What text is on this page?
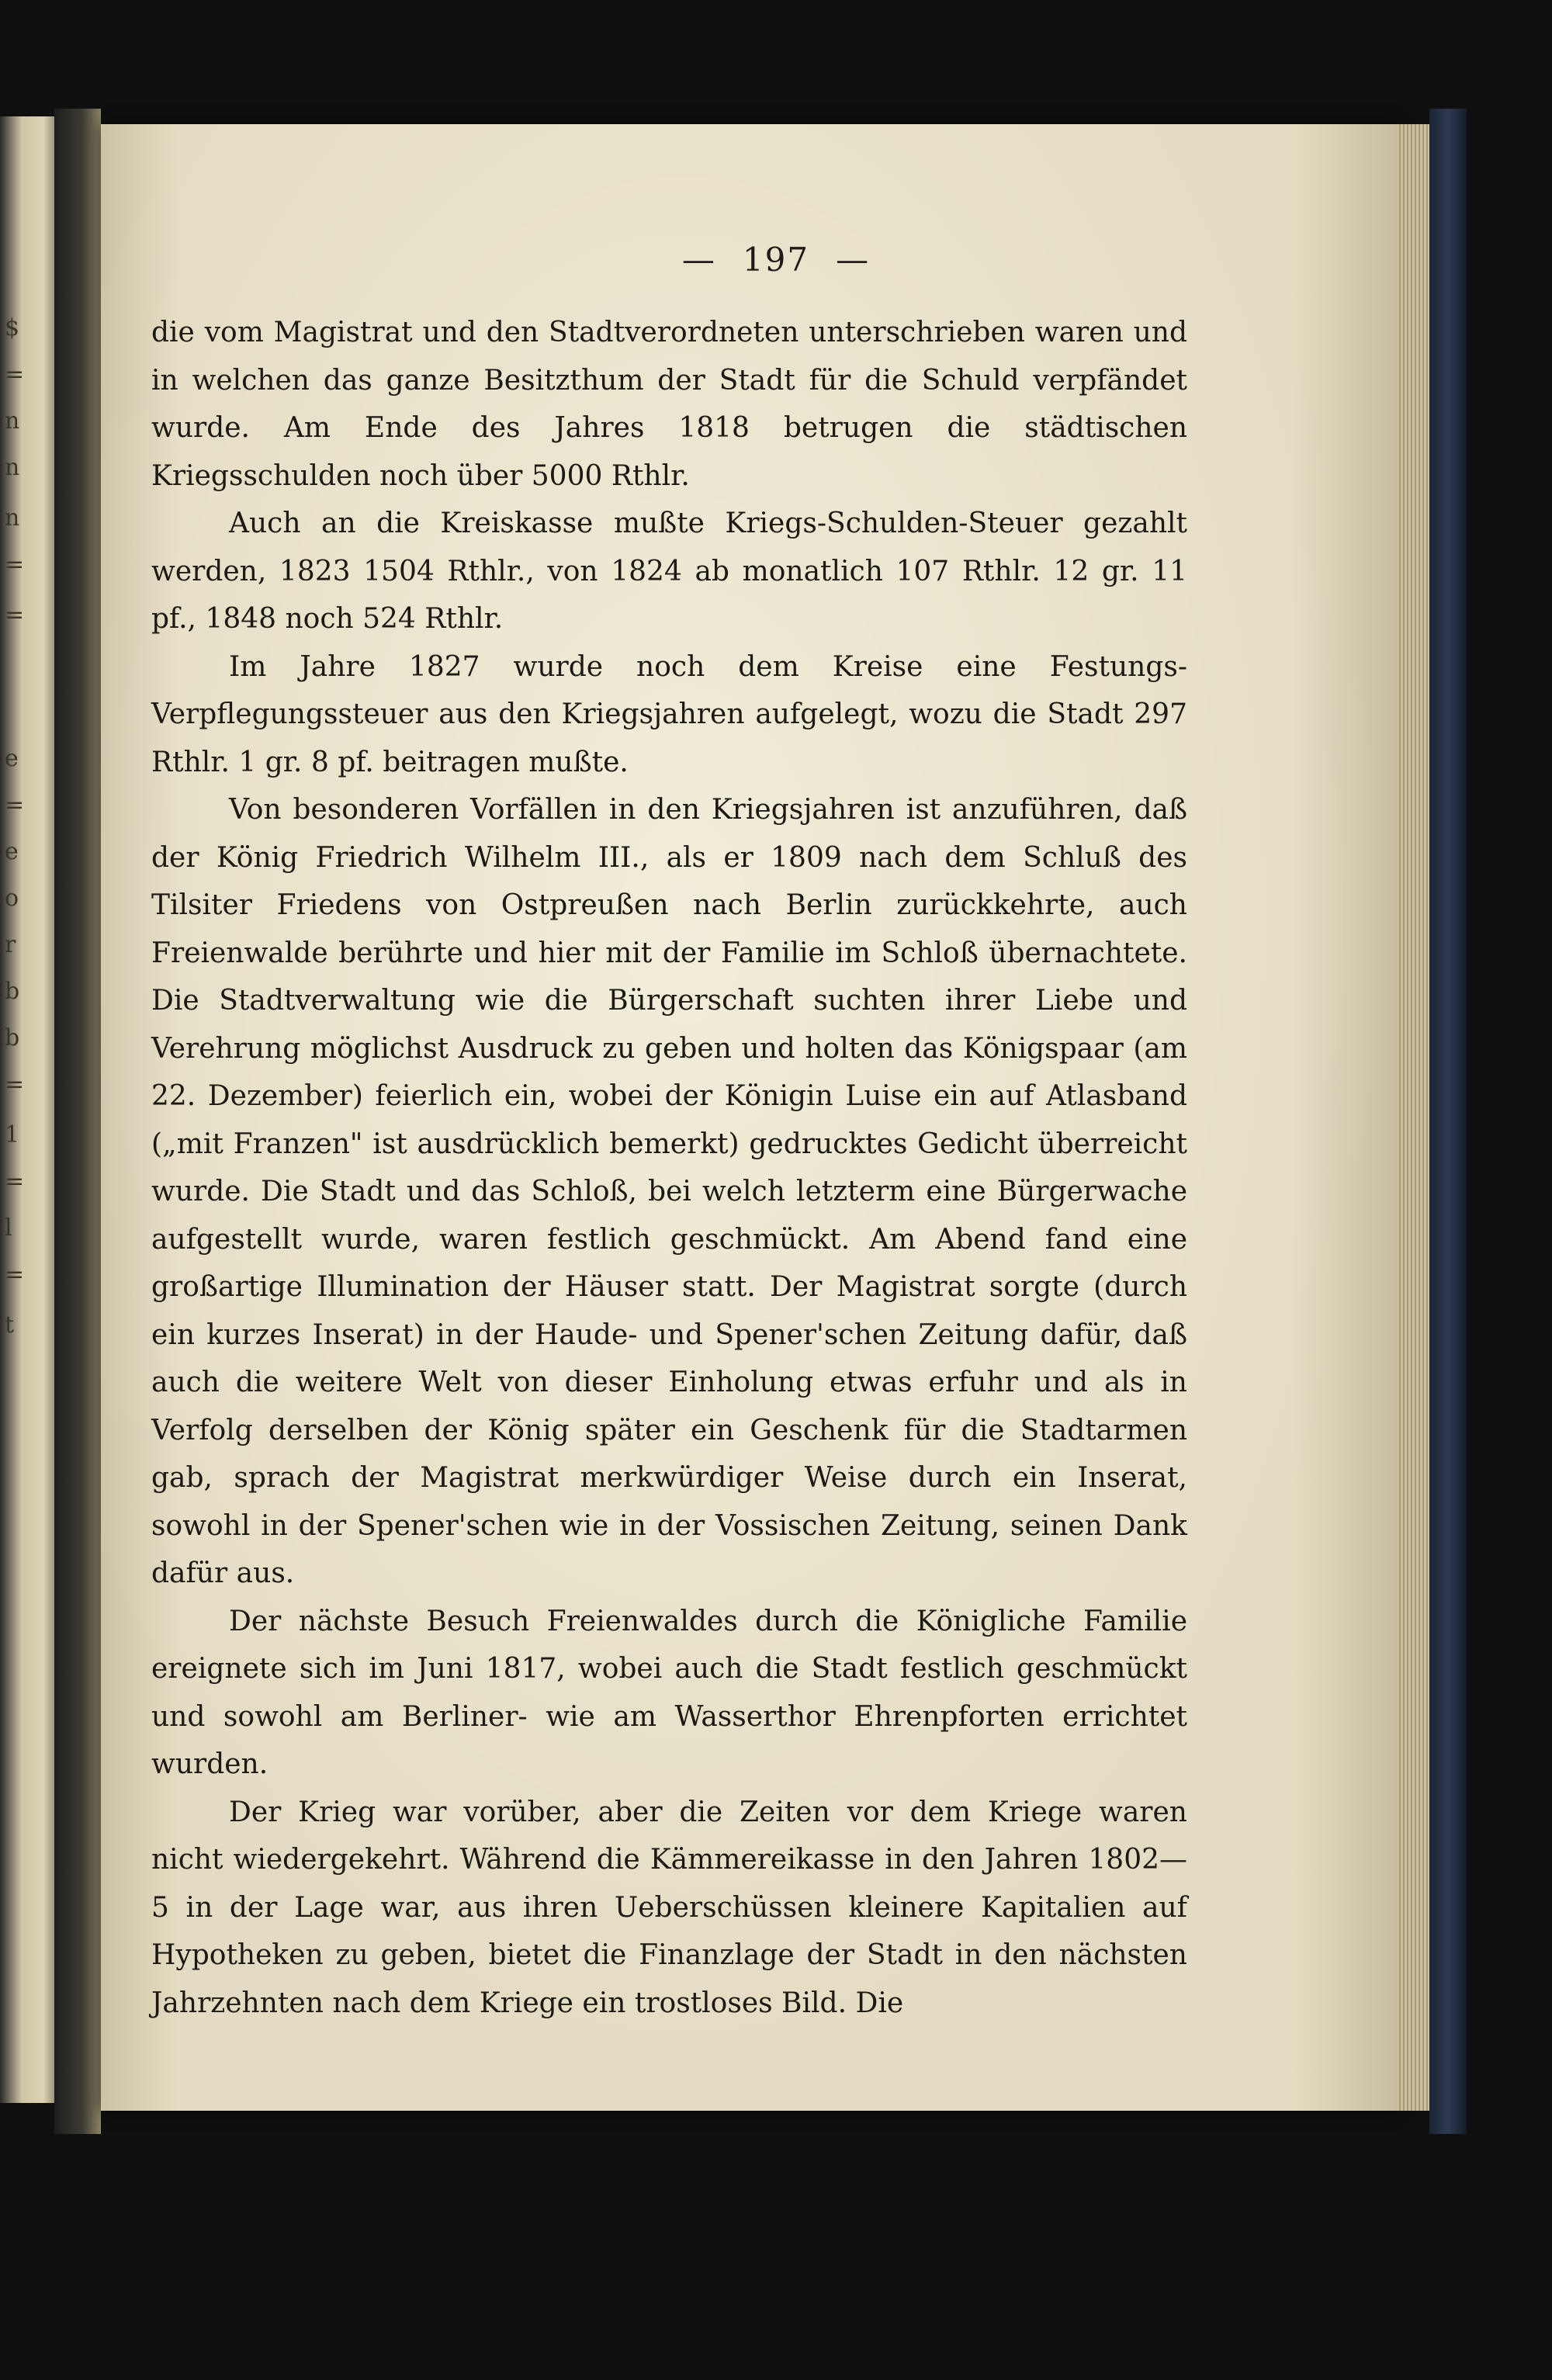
$
=
n
n
n
=
=
e
=
e
o
r
b
b
=
1
=
l
=
t
— 197 —

die vom Magistrat und den Stadtverordneten unterschrieben waren und in welchen das ganze Besitzthum der Stadt für die Schuld verpfändet wurde. Am Ende des Jahres 1818 betrugen die städtischen Kriegsschulden noch über 5000 Rthlr.

Auch an die Kreiskasse mußte Kriegs-Schulden-Steuer gezahlt werden, 1823 1504 Rthlr., von 1824 ab monatlich 107 Rthlr. 12 gr. 11 pf., 1848 noch 524 Rthlr.

Im Jahre 1827 wurde noch dem Kreise eine Festungs-Verpflegungssteuer aus den Kriegsjahren aufgelegt, wozu die Stadt 297 Rthlr. 1 gr. 8 pf. beitragen mußte.

Von besonderen Vorfällen in den Kriegsjahren ist anzuführen, daß der König Friedrich Wilhelm III., als er 1809 nach dem Schluß des Tilsiter Friedens von Ostpreußen nach Berlin zurückkehrte, auch Freienwalde berührte und hier mit der Familie im Schloß übernachtete. Die Stadtverwaltung wie die Bürgerschaft suchten ihrer Liebe und Verehrung möglichst Ausdruck zu geben und holten das Königspaar (am 22. Dezember) feierlich ein, wobei der Königin Luise ein auf Atlasband („mit Franzen" ist ausdrücklich bemerkt) gedrucktes Gedicht überreicht wurde. Die Stadt und das Schloß, bei welch letzterm eine Bürgerwache aufgestellt wurde, waren festlich geschmückt. Am Abend fand eine großartige Illumination der Häuser statt. Der Magistrat sorgte (durch ein kurzes Inserat) in der Haude- und Spener'schen Zeitung dafür, daß auch die weitere Welt von dieser Einholung etwas erfuhr und als in Verfolg derselben der König später ein Geschenk für die Stadtarmen gab, sprach der Magistrat merkwürdiger Weise durch ein Inserat, sowohl in der Spener'schen wie in der Vossischen Zeitung, seinen Dank dafür aus.

Der nächste Besuch Freienwaldes durch die Königliche Familie ereignete sich im Juni 1817, wobei auch die Stadt festlich geschmückt und sowohl am Berliner- wie am Wasserthor Ehrenpforten errichtet wurden.

Der Krieg war vorüber, aber die Zeiten vor dem Kriege waren nicht wiedergekehrt. Während die Kämmereikasse in den Jahren 1802—5 in der Lage war, aus ihren Ueberschüssen kleinere Kapitalien auf Hypotheken zu geben, bietet die Finanzlage der Stadt in den nächsten Jahrzehnten nach dem Kriege ein trostloses Bild. Die
